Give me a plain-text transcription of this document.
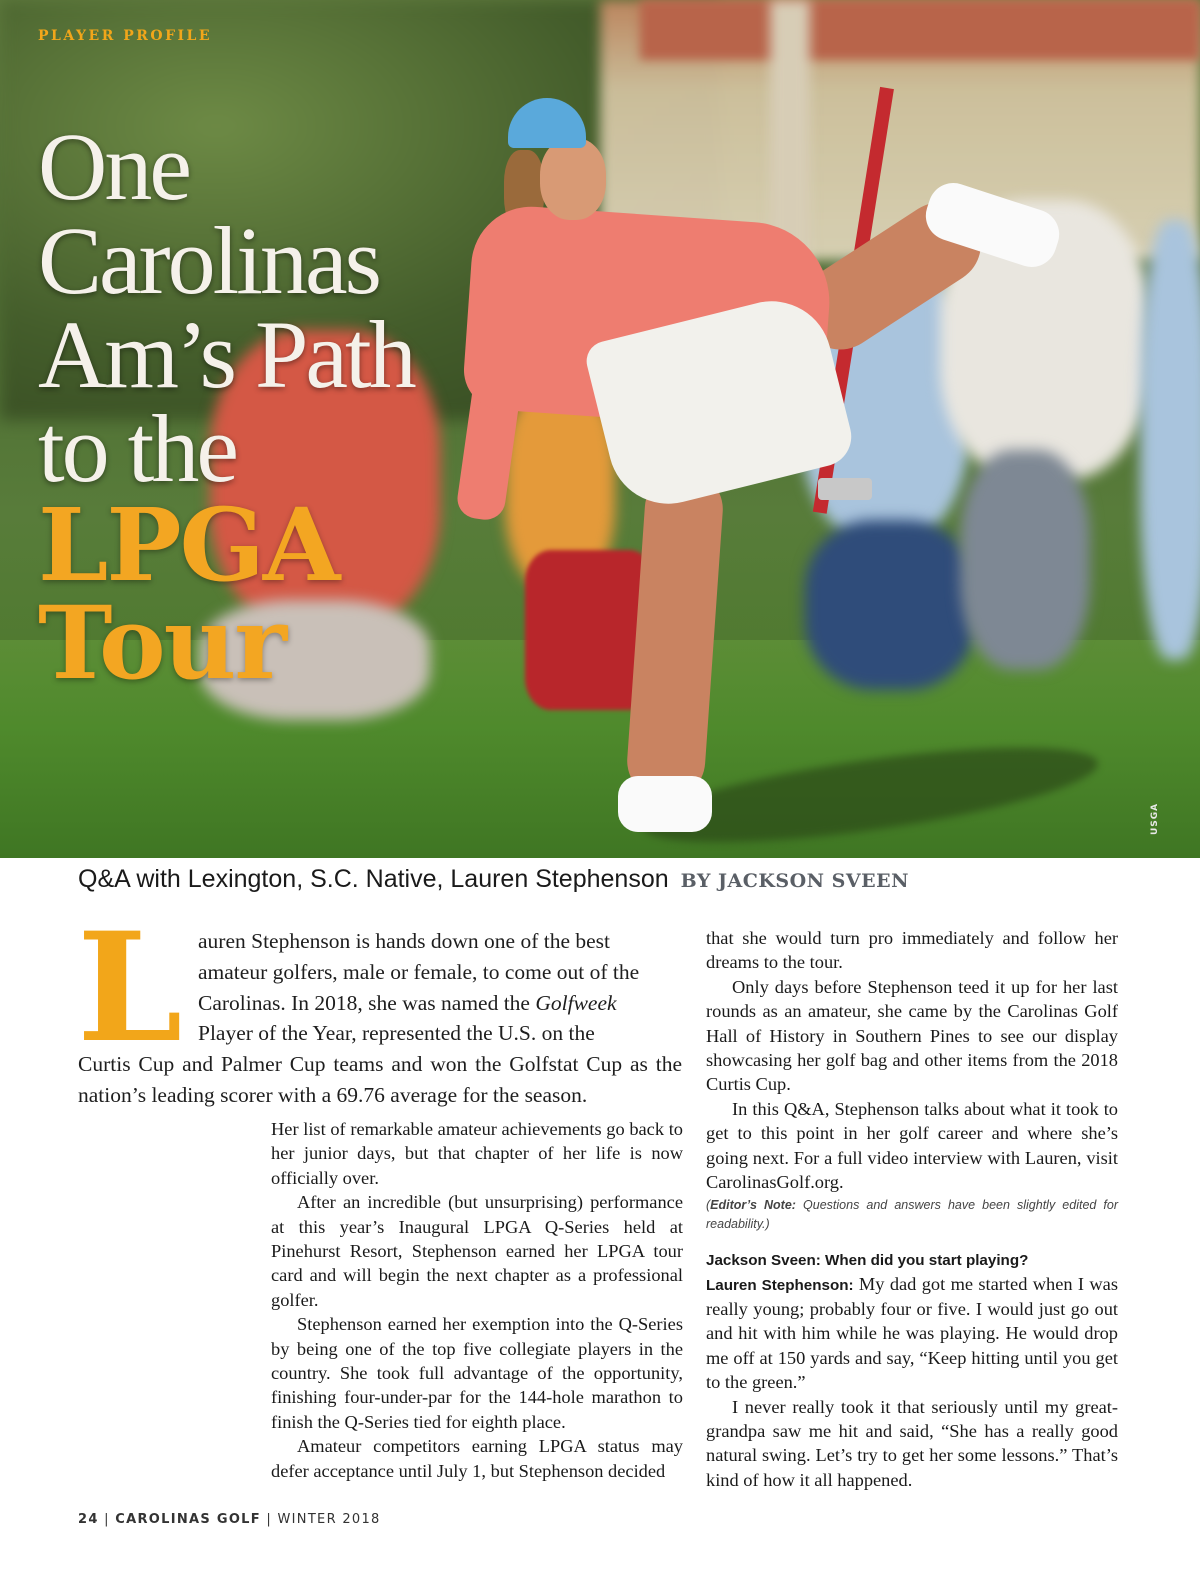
USGA
PLAYER PROFILE
One
Carolinas
Am’s Path
to the
LPGA
Tour
Q&A with Lexington, S.C. Native, Lauren Stephenson BY JACKSON SVEEN
L auren Stephenson is hands down one of the best
amateur golfers, male or female, to come out of the
Carolinas. In 2018, she was named the Golfweek
Player of the Year, represented the U.S. on the
Curtis Cup and Palmer Cup teams and won the Golfstat Cup as the nation’s leading scorer with a 69.76 average for the season.

Her list of remarkable amateur achievements go back to her junior days, but that chapter of her life is now officially over.

After an incredible (but unsurprising) performance at this year’s Inaugural LPGA Q-Series held at Pinehurst Resort, Stephenson earned her LPGA tour card and will begin the next chapter as a professional golfer.

Stephenson earned her exemption into the Q-Series by being one of the top five collegiate players in the country. She took full advantage of the opportunity, finishing four-under-par for the 144-hole marathon to finish the Q-Series tied for eighth place.

Amateur competitors earning LPGA status may defer acceptance until July 1, but Stephenson decided

that she would turn pro immediately and follow her dreams to the tour.

Only days before Stephenson teed it up for her last rounds as an amateur, she came by the Carolinas Golf Hall of History in Southern Pines to see our display showcasing her golf bag and other items from the 2018 Curtis Cup.

In this Q&A, Stephenson talks about what it took to get to this point in her golf career and where she’s going next. For a full video interview with Lauren, visit CarolinasGolf.org.

(Editor’s Note: Questions and answers have been slightly edited for readability.)

Jackson Sveen: When did you start playing?

Lauren Stephenson: My dad got me started when I was really young; probably four or five. I would just go out and hit with him while he was playing. He would drop me off at 150 yards and say, “Keep hitting until you get to the green.”

I never really took it that seriously until my great-grandpa saw me hit and said, “She has a really good natural swing. Let’s try to get her some lessons.” That’s kind of how it all happened.

24 | CAROLINAS GOLF | WINTER 2018
